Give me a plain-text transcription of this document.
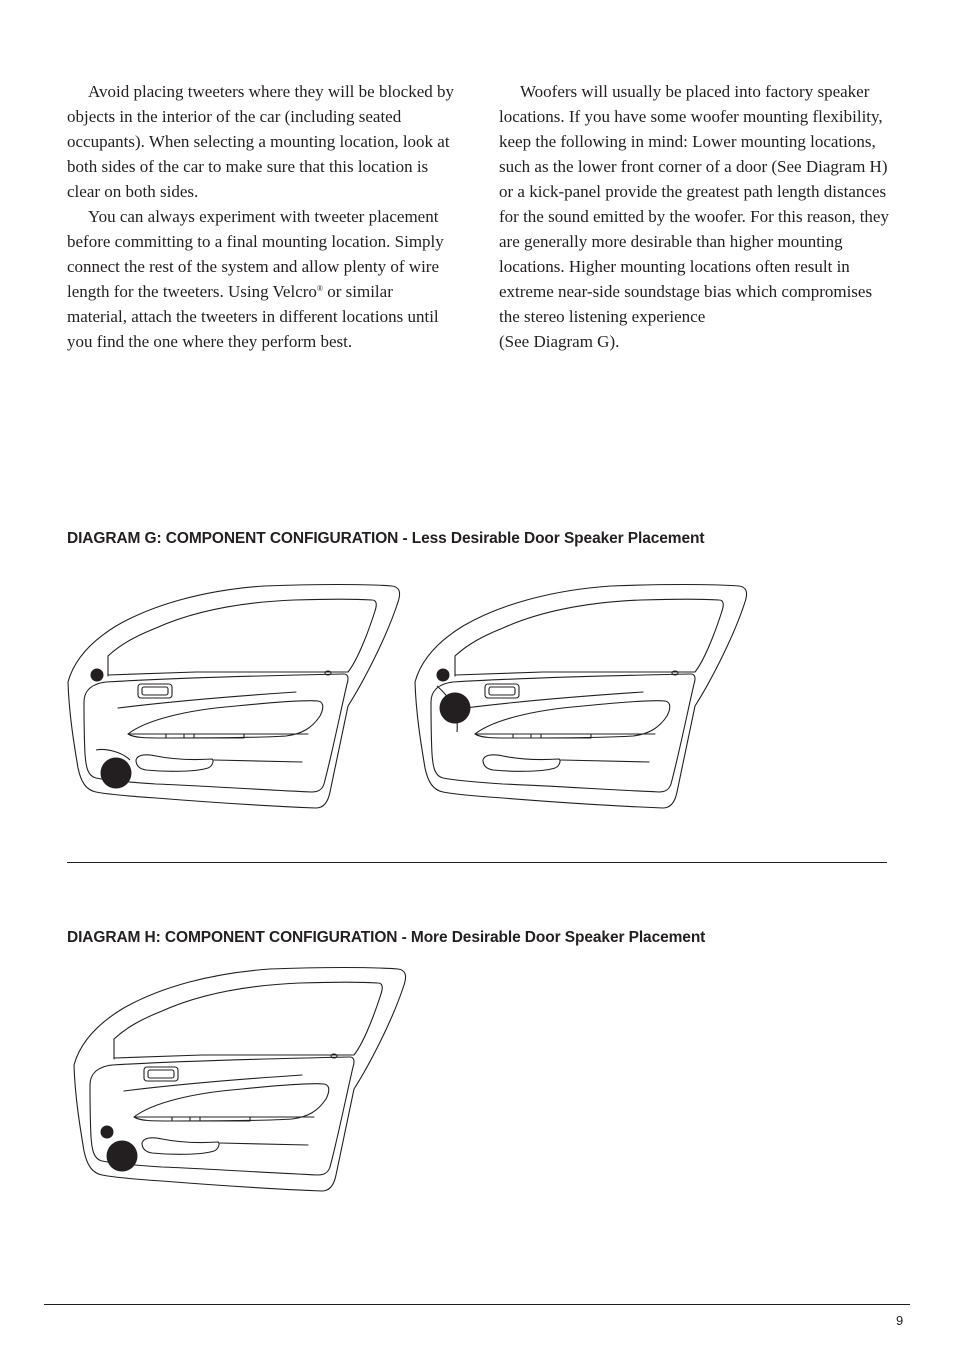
Avoid placing tweeters where they will be blocked by objects in the interior of the car (including seated occupants). When selecting a mounting location, look at both sides of the car to make sure that this location is clear on both sides.

You can always experiment with tweeter placement before committing to a final mounting location. Simply connect the rest of the system and allow plenty of wire length for the tweeters. Using Velcro® or similar material, attach the tweeters in different locations until you find the one where they perform best.

Woofers will usually be placed into factory speaker locations. If you have some woofer mounting flexibility, keep the following in mind: Lower mounting locations, such as the lower front corner of a door (See Diagram H) or a kick-panel provide the greatest path length distances for the sound emitted by the woofer. For this reason, they are generally more desirable than higher mounting locations. Higher mounting locations often result in extreme near-side soundstage bias which compromises the stereo listening experience

(See Diagram G).

DIAGRAM G: COMPONENT CONFIGURATION - Less Desirable Door Speaker Placement
DIAGRAM H: COMPONENT CONFIGURATION - More Desirable Door Speaker Placement
9
